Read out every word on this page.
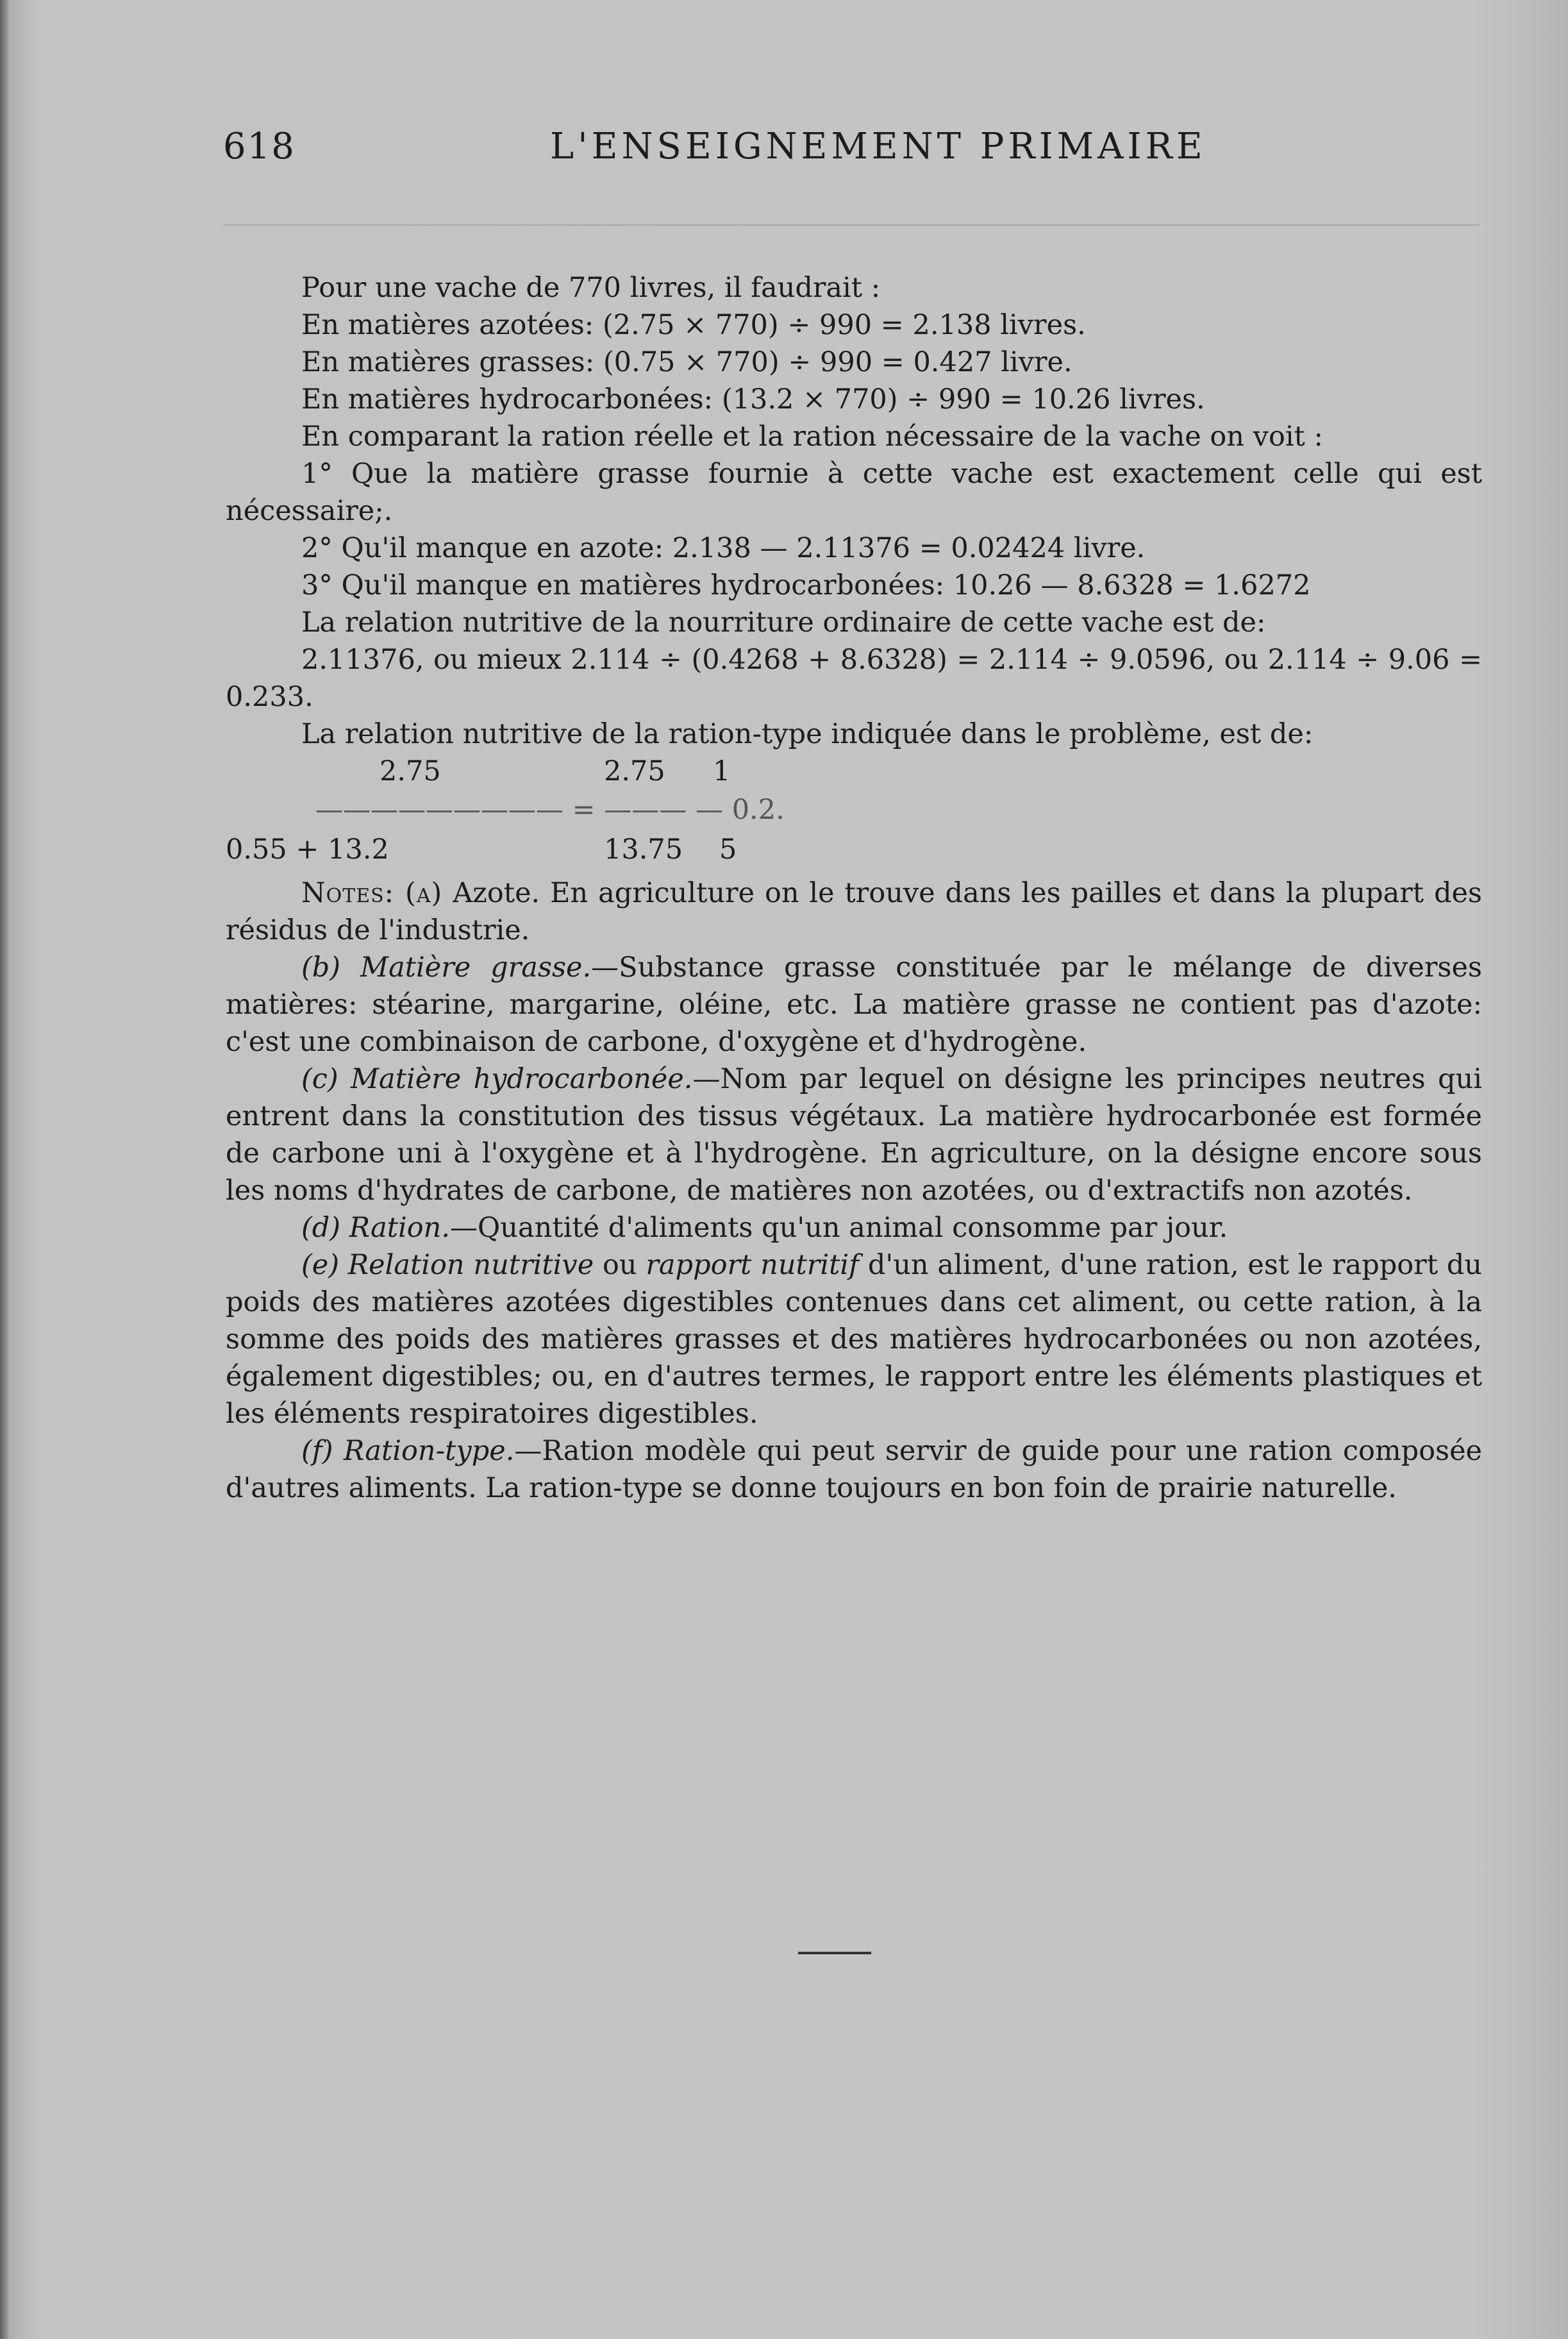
618	L'ENSEIGNEMENT PRIMAIRE

Pour une vache de 770 livres, il faudrait :

En matières azotées: (2.75 × 770) ÷ 990 = 2.138 livres.

En matières grasses: (0.75 × 770) ÷ 990 = 0.427 livre.

En matières hydrocarbonées: (13.2 × 770) ÷ 990 = 10.26 livres.

En comparant la ration réelle et la ration nécessaire de la vache on voit :

1° Que la matière grasse fournie à cette vache est exactement celle qui est nécessaire;.

2° Qu'il manque en azote: 2.138 — 2.11376 = 0.02424 livre.

3° Qu'il manque en matières hydrocarbonées: 10.26 — 8.6328 = 1.6272

La relation nutritive de la nourriture ordinaire de cette vache est de:

2.11376, ou mieux 2.114 ÷ (0.4268 + 8.6328) = 2.114 ÷ 9.0596, ou 2.114 ÷ 9.06 = 0.233.

La relation nutritive de la ration-type indiquée dans le problème, est de:

2.75	2.75 1
————————— = ——— — 0.2.
0.55 + 13.2	13.75 5

Notes: (a) Azote. En agriculture on le trouve dans les pailles et dans la plupart des résidus de l'industrie.

(b) Matière grasse.—Substance grasse constituée par le mélange de diverses matières: stéarine, margarine, oléine, etc. La matière grasse ne contient pas d'azote: c'est une combinaison de carbone, d'oxygène et d'hydrogène.

(c) Matière hydrocarbonée.—Nom par lequel on désigne les principes neutres qui entrent dans la constitution des tissus végétaux. La matière hydrocarbonée est formée de carbone uni à l'oxygène et à l'hydrogène. En agriculture, on la désigne encore sous les noms d'hydrates de carbone, de matières non azotées, ou d'extractifs non azotés.

(d) Ration.—Quantité d'aliments qu'un animal consomme par jour.

(e) Relation nutritive ou rapport nutritif d'un aliment, d'une ration, est le rapport du poids des matières azotées digestibles contenues dans cet aliment, ou cette ration, à la somme des poids des matières grasses et des matières hydrocarbonées ou non azotées, également digestibles; ou, en d'autres termes, le rapport entre les éléments plastiques et les éléments respiratoires digestibles.

(f) Ration-type.—Ration modèle qui peut servir de guide pour une ration composée d'autres aliments. La ration-type se donne toujours en bon foin de prairie naturelle.
